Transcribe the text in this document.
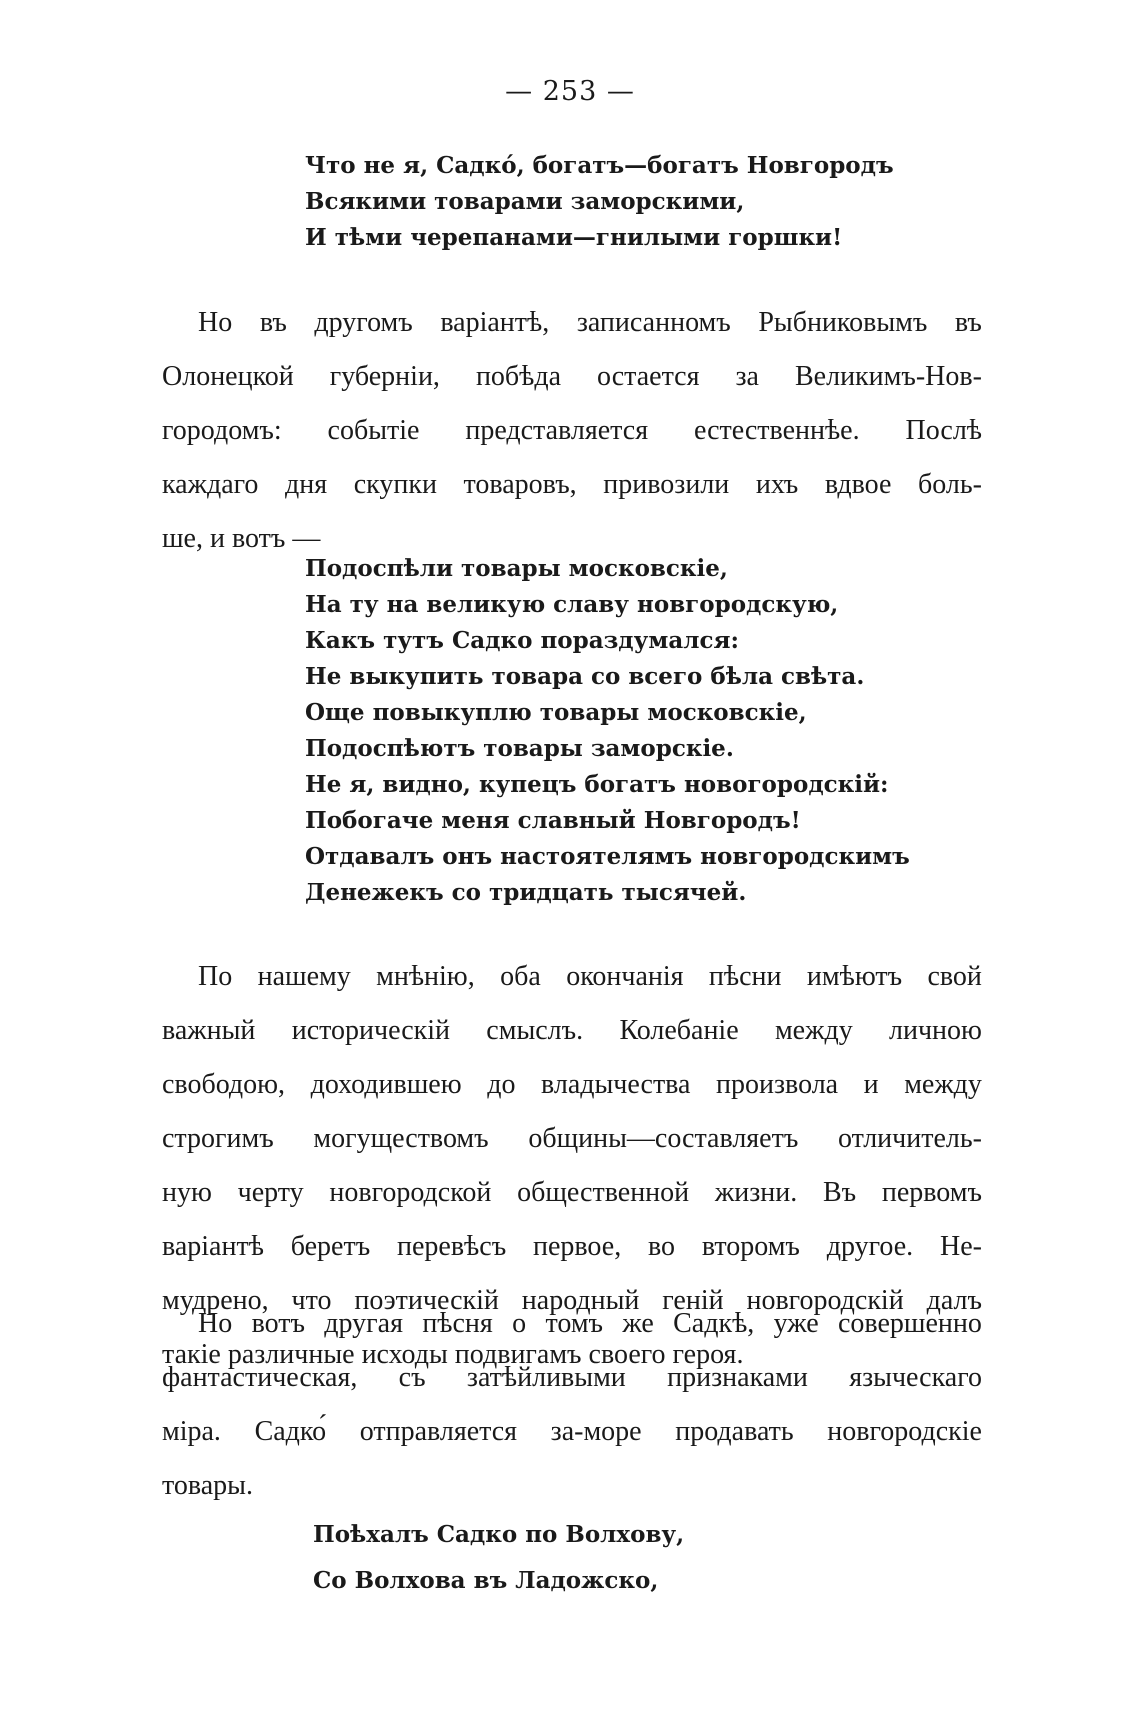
— 253 —
Что не я, Садко́, богатъ—богатъ Новгородъ
Всякими товарами заморскими,
И тѣми черепанами—гнилыми горшки!
Но въ другомъ варіантѣ, записанномъ Рыбниковымъ въ
Олонецкой губерніи, побѣда остается за Великимъ-Нов-
городомъ: событіе представляется естественнѣе. Послѣ
каждаго дня скупки товаровъ, привозили ихъ вдвое боль-
ше, и вотъ —
Подоспѣли товары московскіе,
На ту на великую славу новгородскую,
Какъ тутъ Садко пораздумался:
Не выкупить товара со всего бѣла свѣта.
Още повыкуплю товары московскіе,
Подоспѣютъ товары заморскіе.
Не я, видно, купецъ богатъ новогородскій:
Побогаче меня славный Новгородъ!
Отдавалъ онъ настоятелямъ новгородскимъ
Денежекъ со тридцать тысячей.
По нашему мнѣнію, оба окончанія пѣсни имѣютъ свой
важный историческій смыслъ. Колебаніе между личною
свободою, доходившею до владычества произвола и между
строгимъ могуществомъ общины—составляетъ отличитель-
ную черту новгородской общественной жизни. Въ первомъ
варіантѣ беретъ перевѣсъ первое, во второмъ другое. Не-
мудрено, что поэтическій народный геній новгородскій далъ
такіе различные исходы подвигамъ своего героя.
Но вотъ другая пѣсня о томъ же Садкѣ, уже совершенно
фантастическая, съ затѣйливыми признаками языческаго
міра. Садко́ отправляется за-море продавать новгородскіе
товары.
Поѣхалъ Садко по Волхову,
Со Волхова въ Ладожско,
